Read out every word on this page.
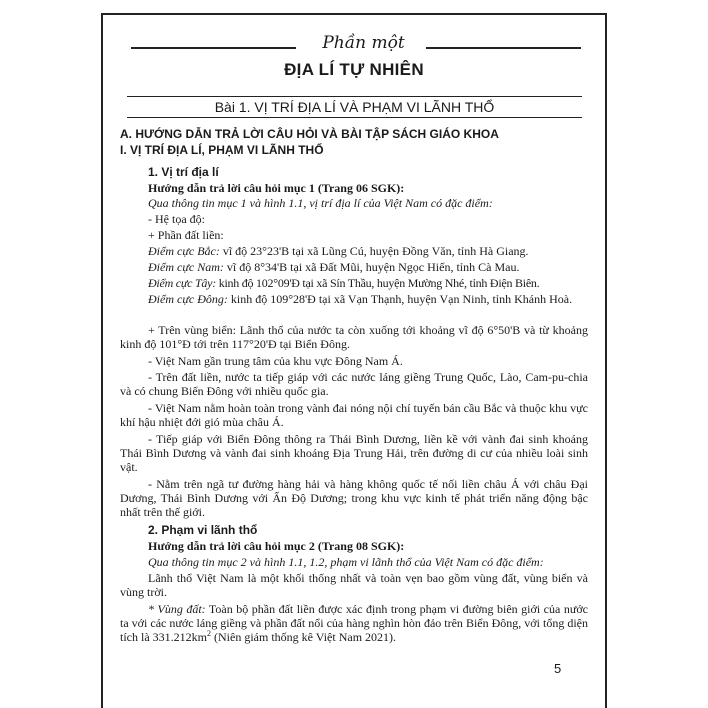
Phần một
ĐỊA LÍ TỰ NHIÊN
Bài 1. VỊ TRÍ ĐỊA LÍ VÀ PHẠM VI LÃNH THỔ
A. HƯỚNG DẪN TRẢ LỜI CÂU HỎI VÀ BÀI TẬP SÁCH GIÁO KHOA
I. VỊ TRÍ ĐỊA LÍ, PHẠM VI LÃNH THỔ
1. Vị trí địa lí
Hướng dẫn trả lời câu hỏi mục 1 (Trang 06 SGK):
Qua thông tin mục 1 và hình 1.1, vị trí địa lí của Việt Nam có đặc điểm:
- Hệ tọa độ:
+ Phần đất liền:
Điểm cực Bắc: vĩ độ 23°23'B tại xã Lũng Cú, huyện Đồng Văn, tỉnh Hà Giang.
Điểm cực Nam: vĩ độ 8°34'B tại xã Đất Mũi, huyện Ngọc Hiển, tỉnh Cà Mau.
Điểm cực Tây: kinh độ 102°09'Đ tại xã Sín Thầu, huyện Mường Nhé, tỉnh Điện Biên.
Điểm cực Đông: kinh độ 109°28'Đ tại xã Vạn Thạnh, huyện Vạn Ninh, tỉnh Khánh Hoà.
+ Trên vùng biển: Lãnh thổ của nước ta còn xuống tới khoảng vĩ độ 6°50'B và từ khoảng kinh độ 101°Đ tới trên 117°20'Đ tại Biển Đông.
- Việt Nam gần trung tâm của khu vực Đông Nam Á.
- Trên đất liền, nước ta tiếp giáp với các nước láng giềng Trung Quốc, Lào, Cam-pu-chia và có chung Biển Đông với nhiều quốc gia.
- Việt Nam nằm hoàn toàn trong vành đai nóng nội chí tuyến bán cầu Bắc và thuộc khu vực khí hậu nhiệt đới gió mùa châu Á.
- Tiếp giáp với Biển Đông thông ra Thái Bình Dương, liền kề với vành đai sinh khoáng Thái Bình Dương và vành đai sinh khoáng Địa Trung Hải, trên đường di cư của nhiều loài sinh vật.
- Nằm trên ngã tư đường hàng hải và hàng không quốc tế nối liền châu Á với châu Đại Dương, Thái Bình Dương với Ấn Độ Dương; trong khu vực kinh tế phát triển năng động bậc nhất trên thế giới.
2. Phạm vi lãnh thổ
Hướng dẫn trả lời câu hỏi mục 2 (Trang 08 SGK):
Qua thông tin mục 2 và hình 1.1, 1.2, phạm vi lãnh thổ của Việt Nam có đặc điểm:
Lãnh thổ Việt Nam là một khối thống nhất và toàn vẹn bao gồm vùng đất, vùng biển và vùng trời.
* Vùng đất: Toàn bộ phần đất liền được xác định trong phạm vi đường biên giới của nước ta với các nước láng giềng và phần đất nổi của hàng nghìn hòn đảo trên Biển Đông, với tổng diện tích là $331.212km^2$ (Niên giám thống kê Việt Nam 2021).
5
